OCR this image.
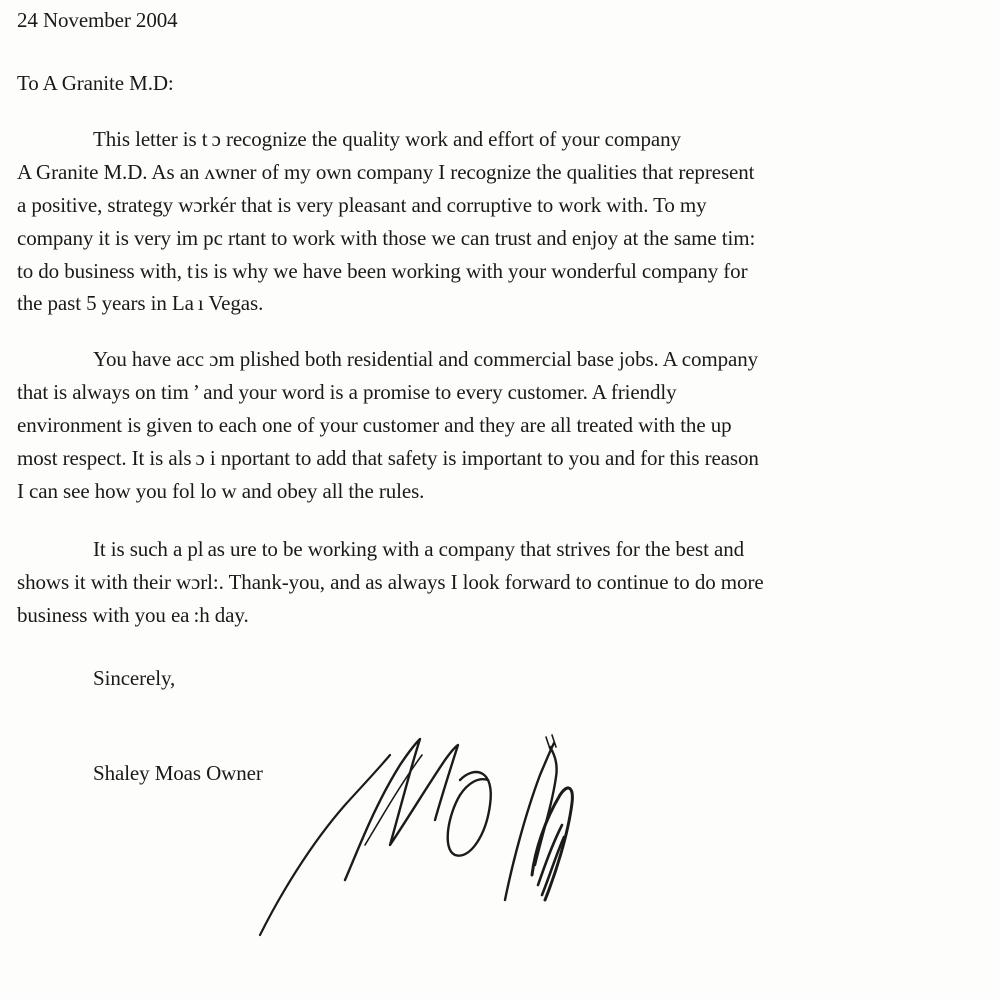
24 November 2004
To A Granite M.D:
This letter is t ɔ recognize the quality work and effort of your company
A Granite M.D. As аn ʌwner of my own company I recognize the qualities that represent
a positive, strategy wɔrkér that is very pleasant and corruptive to work with. To my
company it is very im pc rtant to work with those we can trust and enjoy at the same tim:
to do business with, t is is why we have been working with your wonderful company for
the past 5 years in La ı Vegas.
You have acc ɔm plished both residential and commercial base jobs. A company
that is always on tim ’ and your word is a promise to every customer. A friendly
environment is given to each one of your customer and they are all treated with the up
most respect. It is als ɔ i nportant to add that safety is important to you and for this reason
I can see how you fol lo w and obey all the rules.
It is such a pl аs ure to be working with a company that strives for the best and
shows it with their wɔrl:. Thank-you, and as always I look forward to continue to do more
business with you ea :h day.
Sincerely,
Shaley Moas Owner
